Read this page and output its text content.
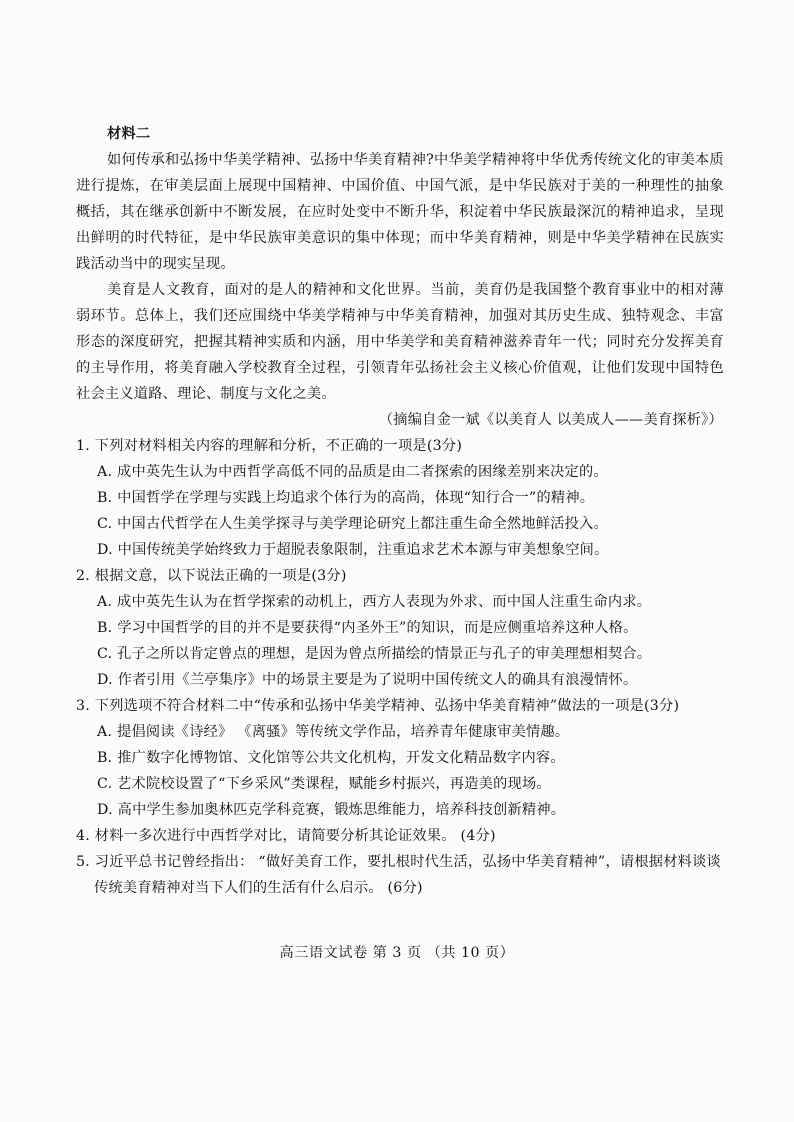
材料二

如何传承和弘扬中华美学精神、弘扬中华美育精神?中华美学精神将中华优秀传统文化的审美本质进行提炼，在审美层面上展现中国精神、中国价值、中国气派，是中华民族对于美的一种理性的抽象概括，其在继承创新中不断发展，在应时处变中不断升华，积淀着中华民族最深沉的精神追求，呈现出鲜明的时代特征，是中华民族审美意识的集中体现；而中华美育精神，则是中华美学精神在民族实践活动当中的现实呈现。

美育是人文教育，面对的是人的精神和文化世界。当前，美育仍是我国整个教育事业中的相对薄弱环节。总体上，我们还应围绕中华美学精神与中华美育精神，加强对其历史生成、独特观念、丰富形态的深度研究，把握其精神实质和内涵，用中华美学和美育精神滋养青年一代；同时充分发挥美育的主导作用，将美育融入学校教育全过程，引领青年弘扬社会主义核心价值观，让他们发现中国特色社会主义道路、理论、制度与文化之美。

（摘编自金一斌《以美育人 以美成人——美育探析》）

1. 下列对材料相关内容的理解和分析，不正确的一项是(3分)

A. 成中英先生认为中西哲学高低不同的品质是由二者探索的困缘差别来决定的。
B. 中国哲学在学理与实践上均追求个体行为的高尚，体现“知行合一”的精神。
C. 中国古代哲学在人生美学探寻与美学理论研究上都注重生命全然地鲜活投入。
D. 中国传统美学始终致力于超脱表象限制，注重追求艺术本源与审美想象空间。

2. 根据文意，以下说法正确的一项是(3分)

A. 成中英先生认为在哲学探索的动机上，西方人表现为外求、而中国人注重生命内求。
B. 学习中国哲学的目的并不是要获得“内圣外王”的知识，而是应侧重培养这种人格。
C. 孔子之所以肯定曾点的理想，是因为曾点所描绘的情景正与孔子的审美理想相契合。
D. 作者引用《兰亭集序》中的场景主要是为了说明中国传统文人的确具有浪漫情怀。

3. 下列选项不符合材料二中“传承和弘扬中华美学精神、弘扬中华美育精神”做法的一项是(3分)

A. 提倡阅读《诗经》 《离骚》等传统文学作品，培养青年健康审美情趣。
B. 推广数字化博物馆、文化馆等公共文化机构，开发文化精品数字内容。
C. 艺术院校设置了“下乡采风”类课程，赋能乡村振兴，再造美的现场。
D. 高中学生参加奥林匹克学科竞赛，锻炼思维能力，培养科技创新精神。

4. 材料一多次进行中西哲学对比，请简要分析其论证效果。 (4分)

5. 习近平总书记曾经指出： “做好美育工作，要扎根时代生活，弘扬中华美育精神”，请根据材料谈谈传统美育精神对当下人们的生活有什么启示。 (6分)

高三语文试卷 第 3 页 （共 10 页）
